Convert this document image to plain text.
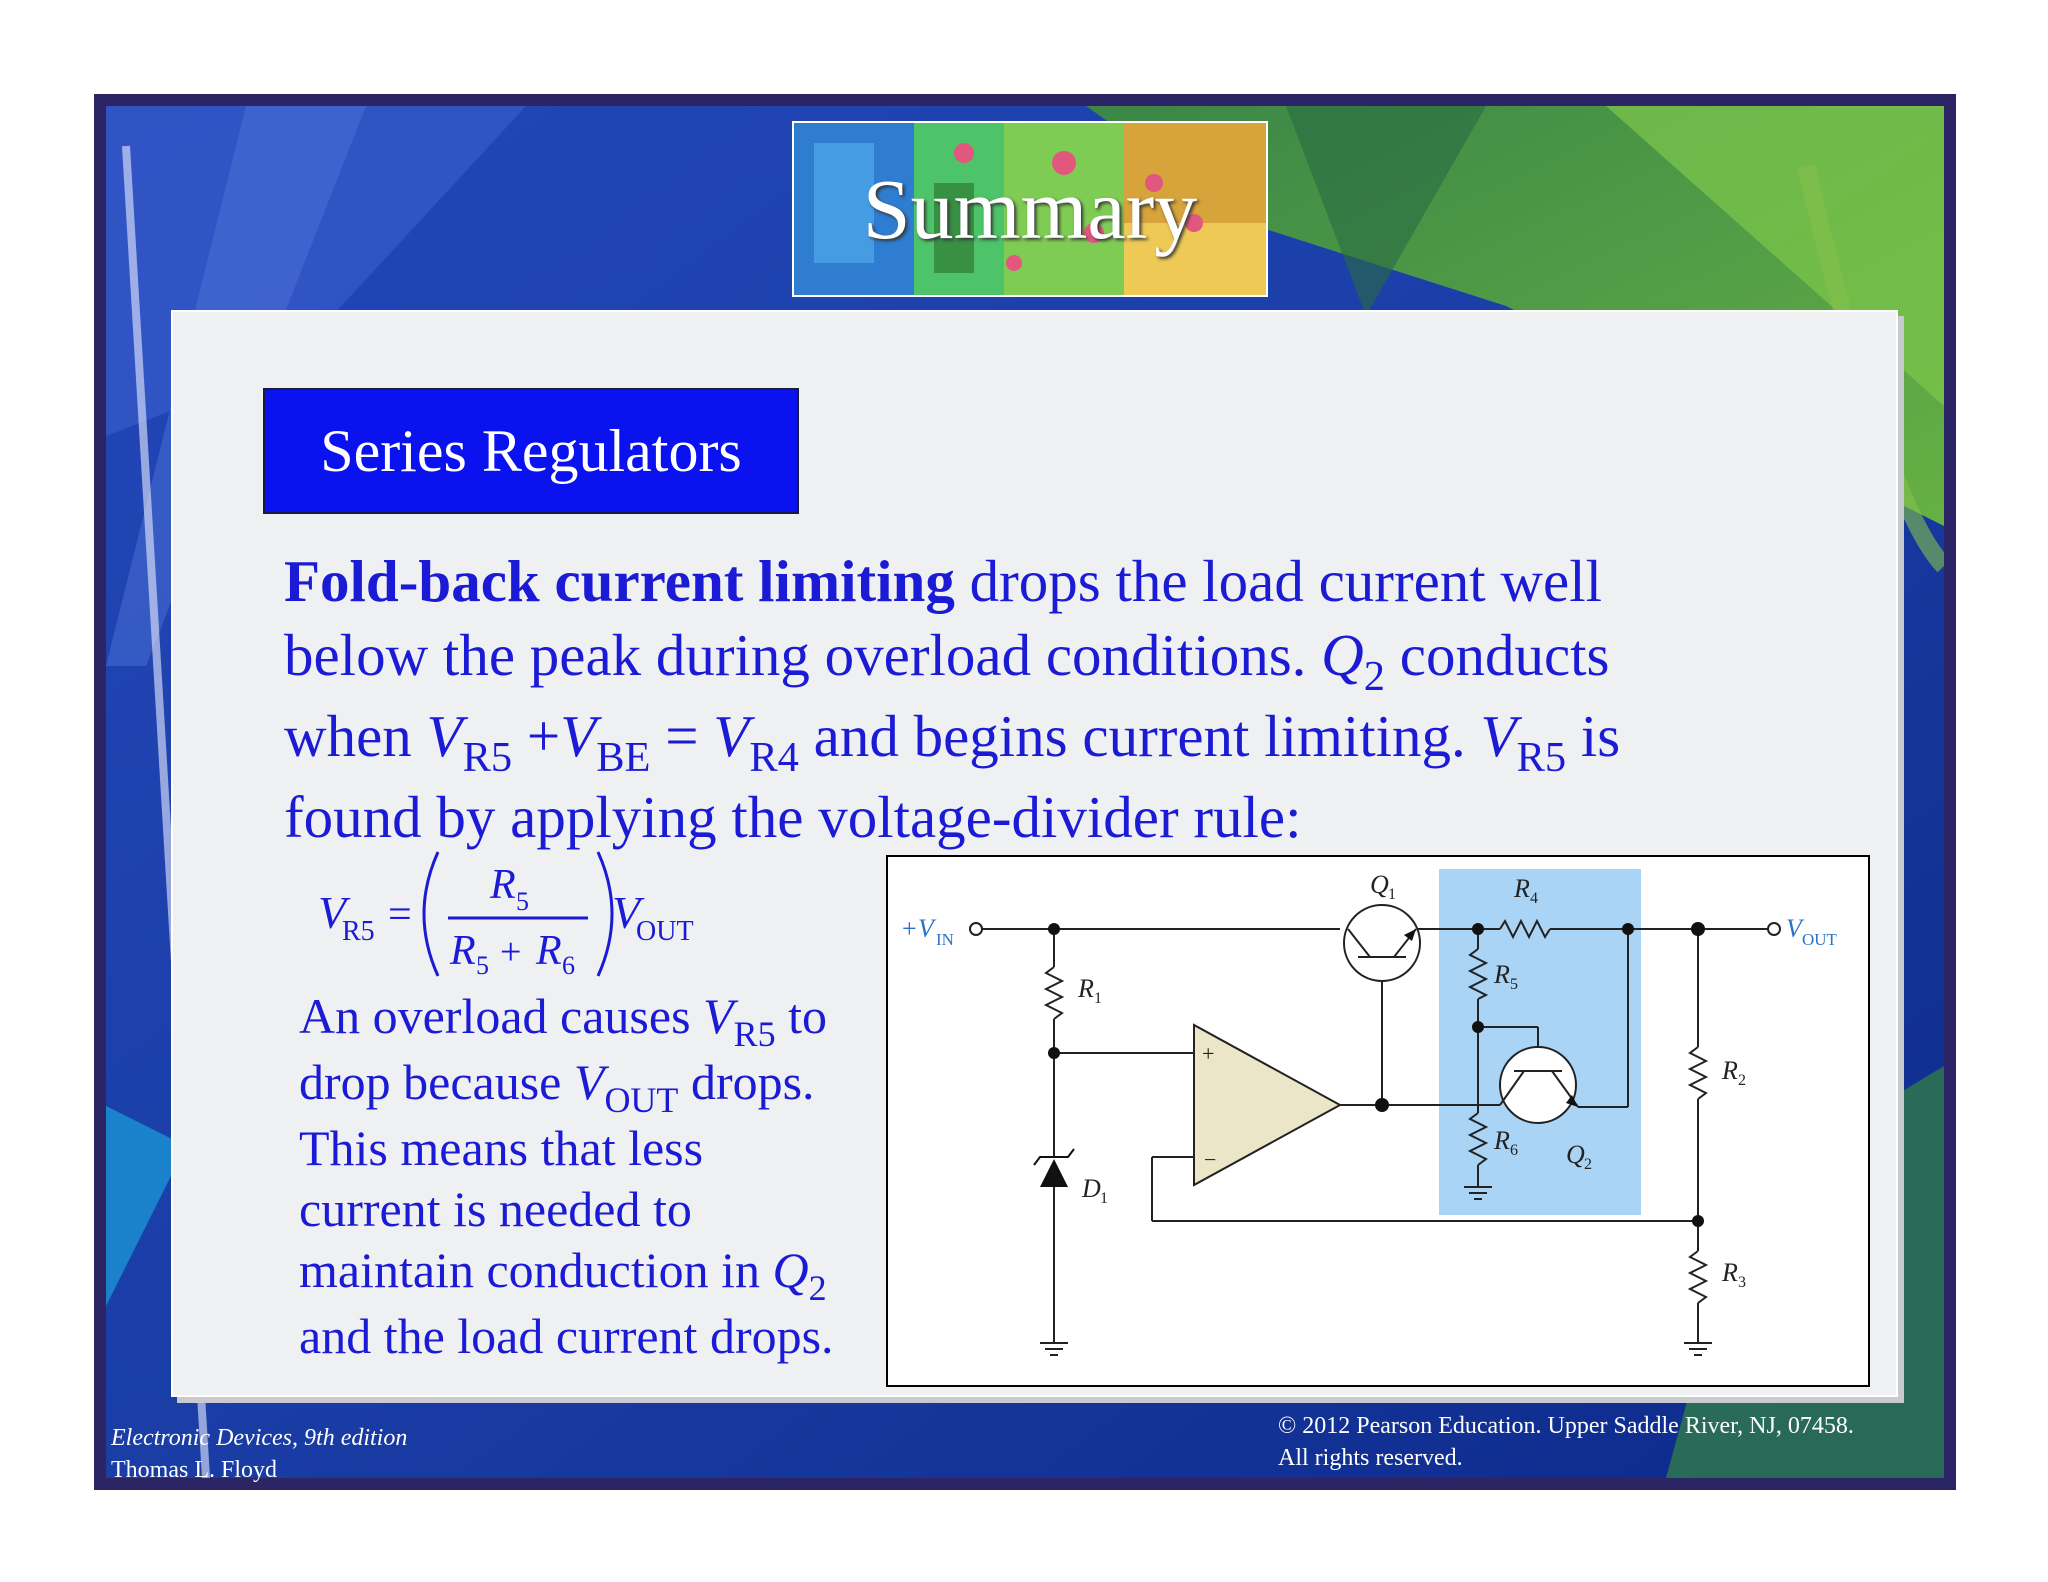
Summary
Series Regulators
Fold-back current limiting drops the load current well
below the peak during overload conditions. $Q_2$ conducts
when $V_{R5} +V_{BE} = V_{R4}$ and begins current limiting. $V_{R5}$ is
found by applying the voltage-divider rule:
V
R5 =
R 5
R 5 + R 6
V
OUT
An overload causes $V_{R5}$ to
drop because $V_{OUT}$ drops.
This means that less
current is needed to
maintain conduction in $Q_2$
and the load current drops.
+ V IN	V OUT
Q 1
Q 2
R 1
R 2
R 3
R 4
R 5
R 6
D 1
+
−
Electronic Devices, 9th edition
Thomas L. Floyd
© 2012 Pearson Education. Upper Saddle River, NJ, 07458.
All rights reserved.
